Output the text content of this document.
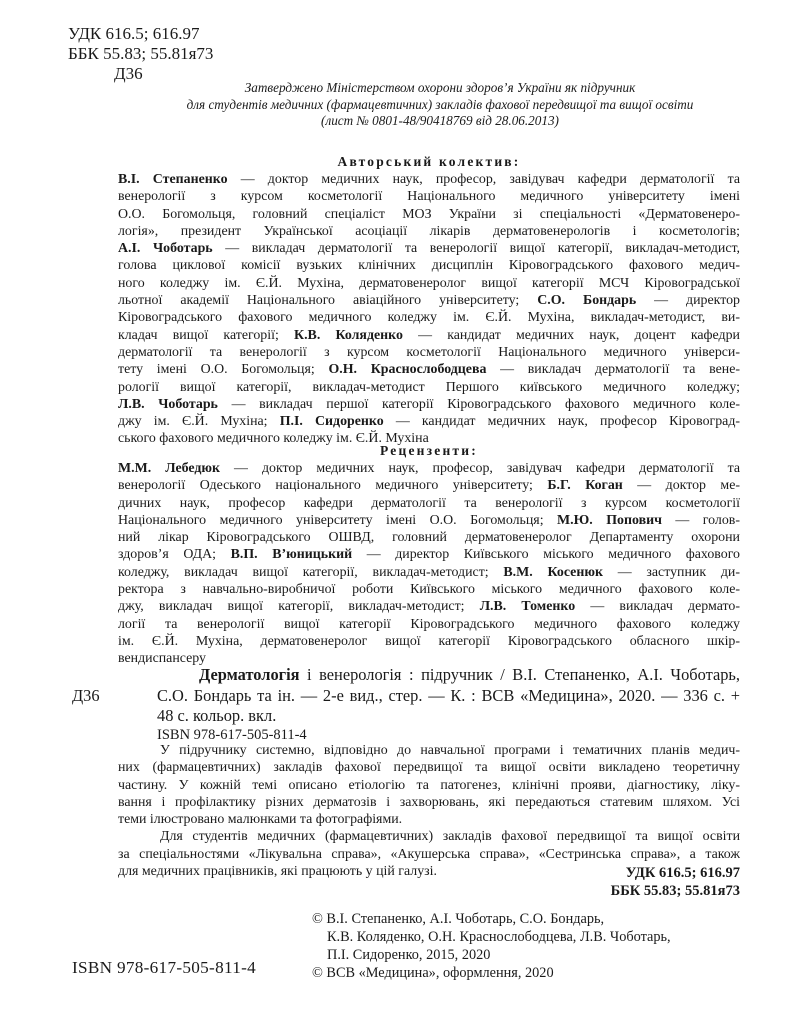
УДК 616.5; 616.97
ББК 55.83; 55.81я73
Д36
Затверджено Міністерством охорони здоров’я України як підручник
для студентів медичних (фармацевтичних) закладів фахової передвищої та вищої освіти
(лист № 0801-48/90418769 від 28.06.2013)
Авторський колектив:
В.І. Степаненко — доктор медичних наук, професор, завідувач кафедри дерматології та
венерології з курсом косметології Національного медичного університету імені
О.О. Богомольця, головний спеціаліст МОЗ України зі спеціальності «Дерматовенеро-
логія», президент Української асоціації лікарів дерматовенерологів і косметологів;
А.І. Чоботарь — викладач дерматології та венерології вищої категорії, викладач-методист,
голова циклової комісії вузьких клінічних дисциплін Кіровоградського фахового медич-
ного коледжу ім. Є.Й. Мухіна, дерматовенеролог вищої категорії МСЧ Кіровоградської
льотної академії Національного авіаційного університету; С.О. Бондарь — директор
Кіровоградського фахового медичного коледжу ім. Є.Й. Мухіна, викладач-методист, ви-
кладач вищої категорії; К.В. Коляденко — кандидат медичних наук, доцент кафедри
дерматології та венерології з курсом косметології Національного медичного універси-
тету імені О.О. Богомольця; О.Н. Краснослободцева — викладач дерматології та вене-
рології вищої категорії, викладач-методист Першого київського медичного коледжу;
Л.В. Чоботарь — викладач першої категорії Кіровоградського фахового медичного коле-
джу ім. Є.Й. Мухіна; П.І. Сидоренко — кандидат медичних наук, професор Кіровоград-
ського фахового медичного коледжу ім. Є.Й. Мухіна
Рецензенти:
М.М. Лебедюк — доктор медичних наук, професор, завідувач кафедри дерматології та
венерології Одеського національного медичного університету; Б.Г. Коган — доктор ме-
дичних наук, професор кафедри дерматології та венерології з курсом косметології
Національного медичного університету імені О.О. Богомольця; М.Ю. Попович — голов-
ний лікар Кіровоградського ОШВД, головний дерматовенеролог Департаменту охорони
здоров’я ОДА; В.П. В’юницький — директор Київського міського медичного фахового
коледжу, викладач вищої категорії, викладач-методист; В.М. Косенюк — заступник ди-
ректора з навчально-виробничої роботи Київського міського медичного фахового коле-
джу, викладач вищої категорії, викладач-методист; Л.В. Томенко — викладач дермато-
логії та венерології вищої категорії Кіровоградського медичного фахового коледжу
ім. Є.Й. Мухіна, дерматовенеролог вищої категорії Кіровоградського обласного шкір-
вендиспансеру
Д36
Дерматологія і венерологія : підручник / В.І. Степаненко, А.І. Чоботарь,
С.О. Бондарь та ін. — 2-е вид., стер. — К. : ВСВ «Медицина», 2020. — 336 с. +
48 с. кольор. вкл.
ISBN 978-617-505-811-4
У підручнику системно, відповідно до навчальної програми і тематичних планів медич-
них (фармацевтичних) закладів фахової передвищої та вищої освіти викладено теоретичну
частину. У кожній темі описано етіологію та патогенез, клінічні прояви, діагностику, ліку-
вання і профілактику різних дерматозів і захворювань, які передаються статевим шляхом. Усі
теми ілюстровано малюнками та фотографіями.
Для студентів медичних (фармацевтичних) закладів фахової передвищої та вищої освіти
за спеціальностями «Лікувальна справа», «Акушерська справа», «Сестринська справа», а також
для медичних працівників, які працюють у цій галузі.	УДК 616.5; 616.97
ББК 55.83; 55.81я73
© В.І. Степаненко, А.І. Чоботарь, С.О. Бондарь,
К.В. Коляденко, О.Н. Краснослободцева, Л.В. Чоботарь,
П.І. Сидоренко, 2015, 2020
© ВСВ «Медицина», оформлення, 2020
ISBN 978-617-505-811-4
